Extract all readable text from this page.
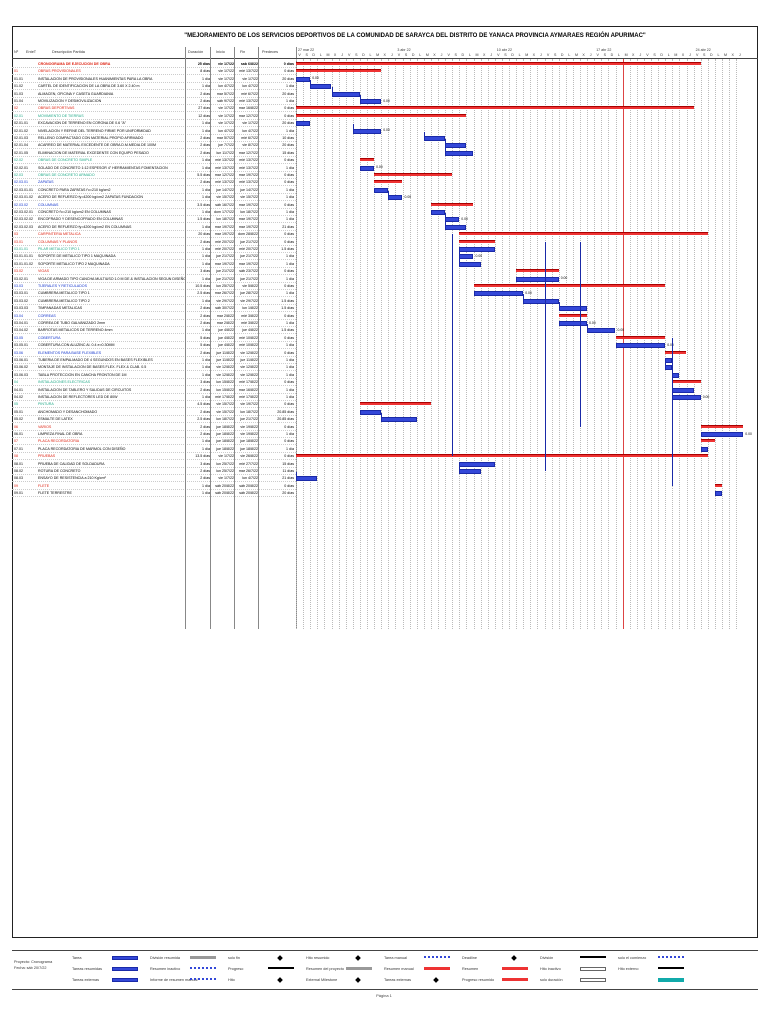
"MEJORAMIENTO DE LOS SERVICIOS DEPORTIVOS DE LA COMUNIDAD DE SARAYCA DEL DISTRITO DE YANACA PROVINCIA AYMARAES REGIÓN APURIMAC"
Nº EnteT	Descripción Partida	Duración	Inicio	Fin	Predeces
CRONOGRAMA DE EJECUCION DE OBRA	25 días	vie 1/7/22	sab 6/8/22	0 días
01	OBRAS PROVISIONALES	8 días	vie 1/7/22	mié 13/7/22	0 días
01.01	INSTALACION DE PROVISIONALES HUANIMIENTAS PARA LA OBRA	1 día	vie 1/7/22	vie 1/7/22	20 días
01.02	CARTEL DE IDENTIFICACION DE LA OBRA DE 3.60 X 2.40 m	1 día	lun 4/7/22	lun 4/7/22	1 día
01.03	ALMACEN, OFICINA Y CASETA GUARDIANIA	2 días	mar 5/7/22	mié 6/7/22	20 días
01.04	MOVILIZACION Y DESMOVILIZACION	2 días	sáb 9/7/22	mié 13/7/22	1 día
02	OBRAS DEPORTIVAS	27 días	vie 1/7/22	mar 16/8/22	0 días
02.01	MOVIMIENTO DE TIERRAS	12 días	vie 1/7/22	mar 12/7/22	0 días
02.01.01	EXCAVACION DE TERRENO EN CORONA DE 0.6 "A"	1 día	vie 1/7/22	vie 1/7/22	20 días
02.01.02	NIVELACION Y REFINE DEL TERRENO FIRME POR UNIFORMIDAD	1 día	lun 4/7/22	lun 4/7/22	1 día
02.01.03	RELLENO COMPACTADO CON MATERIAL PROPIO AFIRMADO	2 días	mar 5/7/22	mié 6/7/22	10 días
02.01.04	ACARREO DE MATERIAL EXCEDENTE DE OBRA D.M.MEDIA DE 100M	2 días	jue 7/7/22	vie 8/7/22	20 días
02.01.05	ELIMINACION DE MATERIAL EXCEDENTE CON EQUIPO PESADO	2 días	lun 11/7/22	mar 12/7/22	15 días
02.02	OBRAS DE CONCRETO SIMPLE	1 día	mié 13/7/22	mié 13/7/22	0 días
02.02.01	SOLADO DE CONCRETO 1:12 ESPESOR 4" HERRAMIENTAS FOMENTACION	1 día	mié 13/7/22	mié 13/7/22	1 día
02.03	OBRAS DE CONCRETO ARMADO	5.5 días	mar 12/7/22	mar 19/7/22	0 días
02.03.01	ZAPATAS	2 días	mié 13/7/22	mié 13/7/22	0 días
02.03.01.01	CONCRETO PARA ZAPATAS f'c=210 kg/cm2	1 día	jue 14/7/22	jue 14/7/22	1 día
02.03.01.02	ACERO DE REFUERZO fy=4200 kg/cm2 ZAPATAS FUNDACION	1 día	vie 15/7/22	vie 15/7/22	1 día
02.03.02	COLUMNAS	3.5 días	sáb 16/7/22	mar 19/7/22	0 días
02.03.02.01	CONCRETO f'c=210 kg/cm2 EN COLUMNAS	1 día	dom 17/7/22	lun 18/7/22	1 día
02.03.02.02	ENCOFRADO Y DESENCOFRADO EN COLUMNAS	1.5 días	lun 18/7/22	mar 19/7/22	1 día
02.03.02.03	ACERO DE REFUERZO fy=4200 kg/cm2 EN COLUMNAS	1 día	mar 19/7/22	mar 19/7/22	21 días
03	CARPINTERIA METALICA	20 días	mar 19/7/22	dom 28/8/22	0 días
03.01	COLUMNAS Y PLANOS	2 días	mié 20/7/22	jue 21/7/22	0 días
03.01.01	PILAR METALICO TIPO 1	1 día	mié 20/7/22	mié 20/7/22	1.5 días
03.01.01.01	SOPORTE DE METALICO TIPO 1 MAQUINADA	1 día	jue 21/7/22	jue 21/7/22	1 día
03.01.01.02	SOPORTE METALICO TIPO 2 MAQUINADA	1 día	mar 19/7/22	mar 19/7/22	1 día
03.02	VIGAS	3 días	jue 21/7/22	sáb 23/7/22	0 días
03.02.01	VIGA DE ARMADO TIPO CANCHA MULTIUSO 1.0 M DE & INSTALACION SEGUN DISEÑO	1 día	jue 21/7/22	jue 21/7/22	1 día
03.03	TIJERALES Y RETICULADOS	10.5 días	lun 25/7/22	vie 5/8/22	0 días
03.03.01	CUMBRERA METALICO TIPO 1	2.5 días	mar 26/7/22	jue 28/7/22	1 día
03.03.02	CUMBRERA METALICO TIPO 2	1 día	vie 29/7/22	vie 29/7/22	1.5 días
03.03.03	TIMPANADAS METALICAS	2 días	sáb 30/7/22	lun 1/8/22	1.5 días
03.04	CORREAS	2 días	mar 2/8/22	mié 3/8/22	0 días
03.04.01	CORREA DE TUBO GALVANIZADO 2mm	2 días	mar 2/8/22	mié 3/8/22	1 día
03.04.02	BARROTAS METALICOS DE TERRENO 4mm	1 día	jue 4/8/22	jue 4/8/22	1.5 días
03.05	COBERTURA	5 días	jue 4/8/22	mié 10/8/22	0 días
03.05.01	COBERTURA CON ALUZINC Al. 0.4 e=0.30MM	5 días	jue 4/8/22	mié 10/8/22	1 día
03.06	ELEMENTOS PARA BASE FLEXIBLES	2 días	jue 11/8/22	vie 12/8/22	0 días
03.06.01	TUBERIA DE EMPALMADO DE 4 SEGUNDOS EN BASES FLEXIBLES	1 día	jue 11/8/22	jue 11/8/22	1 día
03.06.02	MONTAJE DE INSTALACION DE BASES FLEX. FLEX & CLAB. 0.5	1 día	vie 12/8/22	vie 12/8/22	1 día
03.06.03	TABLA PROTECCION EN CANCHA FRONTON DE 1M	1 día	vie 12/8/22	vie 12/8/22	1 día
04	INSTALACIONES ELECTRICAS	3 días	lun 15/8/22	mié 17/8/22	0 días
04.01	INSTALACION DE TABLERO Y SALIDAS DE CIRCUITOS	2 días	lun 15/8/22	mar 16/8/22	1 día
04.02	INSTALACION DE REFLECTORES LED DE 80W	1 día	mié 17/8/22	mié 17/8/22	1 día
05	PINTURA	4.5 días	vie 15/7/22	vie 19/7/22	0 días
05.01	ANCHOMADO Y DESANCHOMADO	2 días	vie 15/7/22	lun 18/7/22	20.85 días
05.02	ESMALTE DE LATEX	2.5 días	lun 18/7/22	jue 21/7/22	20.85 días
06	VARIOS	2 días	jue 18/8/22	vie 19/8/22	0 días
06.01	LIMPIEZA FINAL DE OBRA	2 días	jue 18/8/22	vie 19/8/22	1 día
07	PLACA RECORDATORIA	1 día	jue 18/8/22	jue 18/8/22	0 días
07.01	PLACA RECORDATORIA DE MARMOL CON DISEÑO	1 día	jue 18/8/22	jue 18/8/22	1 día
08	PRUEBAS	13.5 días	vie 1/7/22	vie 26/8/22	0 días
08.01	PRUEBA DE CALIDAD DE SOLDADURA	3 días	lun 25/7/22	mié 27/7/22	15 días
08.02	ROTURA DE CONCRETO	2 días	lun 25/7/22	mar 26/7/22	11 días
08.03	ENSAYO DE RESISTENCIA a 210 Kg/cm²	2 días	vie 1/7/22	lun 4/7/22	21 días
09	FLETE	1 día	sáb 20/8/22	sáb 20/8/22	0 días
09.01	FLETE TERRESTRE	1 día	sáb 20/8/22	sáb 20/8/22	20 días
27 mar 22	3 abr 22	10 abr 22	17 abr 22	24 abr 22
V	S	D	L	M	X	J	V	S	D	L	M	X	J	V	S	D	L	M	X	J	V	S	D	L	M	X	J	V	S	D	L	M	X	J	V	S	D	L	M	X	J	V	S	D	L	M	X	J	V	S	D	L	M	X	J	V	S	D	L	M	X	J
0.00
0.00
0.00
0.00
0.00
0.00
0.00
0.00
0.00
0.00
0.00
0.00
0.00
0.00
Proyecto: Cronograma
Fecha: sáb 20/7/22
Tarea
Tareas resumidas
Tareas externas
División resumida
Resumen inactivo
Informe de resumen manual
solo fin
Progreso
Hito
Hito resumido
Resumen del proyecto
External Milestone
Tarea manual
Resumen manual
Tareas externas
Deadline
Resumen
Progreso resumido
División
Hito inactivo
solo duración
solo el comienzo
Hito externo
Página 1
